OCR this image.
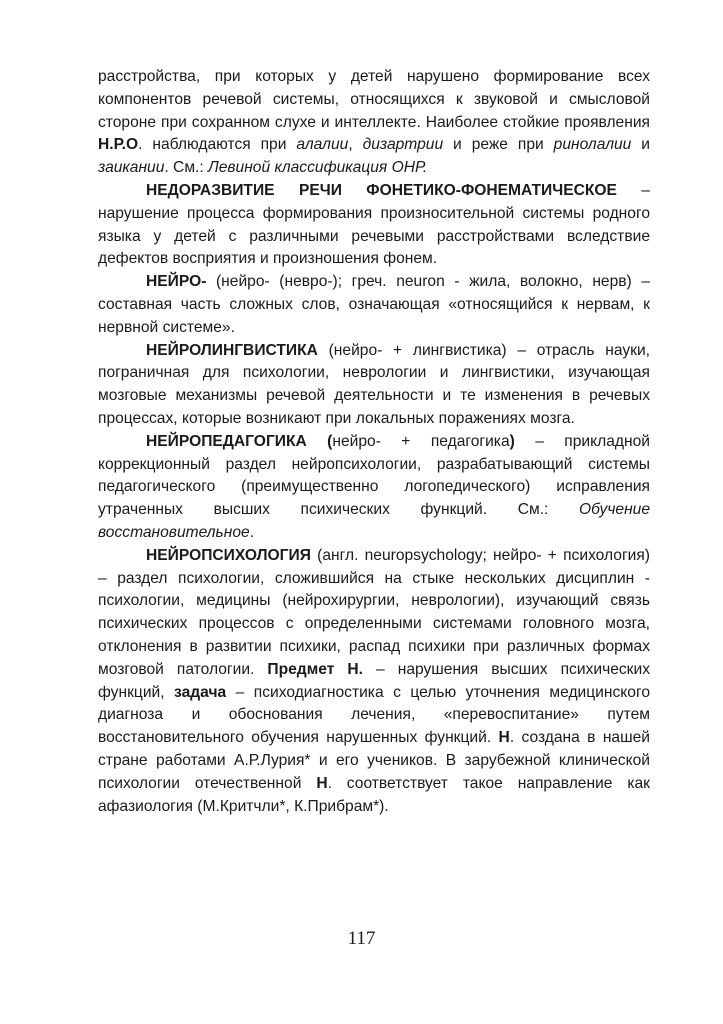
расстройства, при которых у детей нарушено формирование всех компонентов речевой системы, относящихся к звуковой и смысловой стороне при сохранном слухе и интеллекте. Наиболее стойкие проявления Н.Р.О. наблюдаются при алалии, дизартрии и реже при ринолалии и заикании. См.: Левиной классификация ОНР.

НЕДОРАЗВИТИЕ РЕЧИ ФОНЕТИКО-ФОНЕМАТИЧЕСКОЕ – нарушение процесса формирования произносительной системы родного языка у детей с различными речевыми расстройствами вследствие дефектов восприятия и произношения фонем.

НЕЙРО- (нейро- (невро-); греч. neuron - жила, волокно, нерв) – составная часть сложных слов, означающая «относящийся к нервам, к нервной системе».

НЕЙРОЛИНГВИСТИКА (нейро- + лингвистика) – отрасль науки, пограничная для психологии, неврологии и лингвистики, изучающая мозговые механизмы речевой деятельности и те изменения в речевых процессах, которые возникают при локальных поражениях мозга.

НЕЙРОПЕДАГОГИКА (нейро- + педагогика) – прикладной коррекционный раздел нейропсихологии, разрабатывающий системы педагогического (преимущественно логопедического) исправления утраченных высших психических функций. См.: Обучение восстановительное.

НЕЙРОПСИХОЛОГИЯ (англ. neuropsychology; нейро- + психология) – раздел психологии, сложившийся на стыке нескольких дисциплин - психологии, медицины (нейрохирургии, неврологии), изучающий связь психических процессов с определенными системами головного мозга, отклонения в развитии психики, распад психики при различных формах мозговой патологии. Предмет Н. – нарушения высших психических функций, задача – психодиагностика с целью уточнения медицинского диагноза и обоснования лечения, «перевоспитание» путем восстановительного обучения нарушенных функций. Н. создана в нашей стране работами А.Р.Лурия* и его учеников. В зарубежной клинической психологии отечественной Н. соответствует такое направление как афазиология (М.Критчли*, К.Прибрам*).

117
